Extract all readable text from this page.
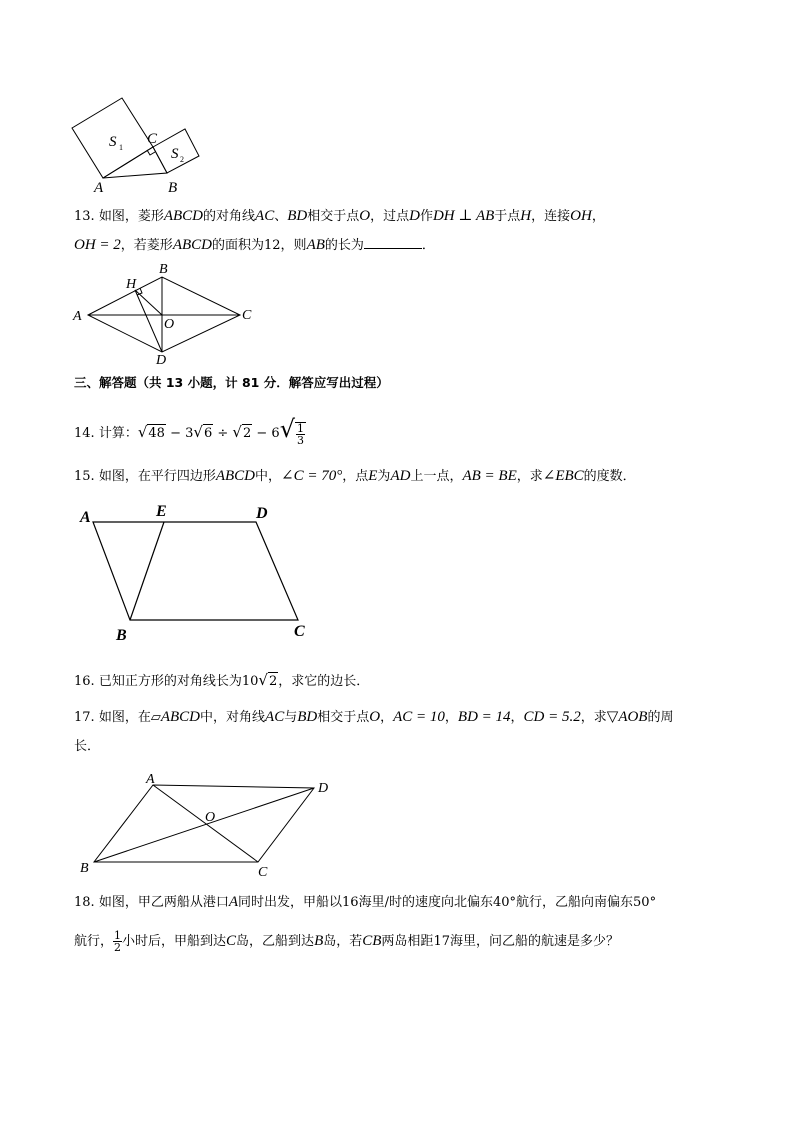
S 1
C
S 2
A	B
13. 如图，菱形ABCD的对角线AC、BD相交于点O，过点D作DH ⊥ AB于点H，连接OH，
OH = 2，若菱形ABCD的面积为12，则AB的长为	．
B
H
A
O
C
D
三、解答题（共 13 小题，计 81 分．解答应写出过程）
14. 计算：$√48 - 3√6 \div √2 - 6√ \frac{1}{3}$
15. 如图，在平行四边形ABCD中，∠C = 70°，点E为AD上一点，AB = BE，求∠EBC的度数．
A	E	D
B	C
16. 已知正方形的对角线长为10√2，求它的边长．
17. 如图，在▱ABCD中，对角线AC与BD相交于点O，AC = 10，BD = 14，CD = 5.2，求▽AOB的周
长．
A
D
O
B	C
18. 如图，甲乙两船从港口A同时出发，甲船以16海里/时的速度向北偏东40°航行，乙船向南偏东50°
航行， $\frac{1}{2}$ 小时后，甲船到达C岛，乙船到达B岛，若CB两岛相距17海里，问乙船的航速是多少？
